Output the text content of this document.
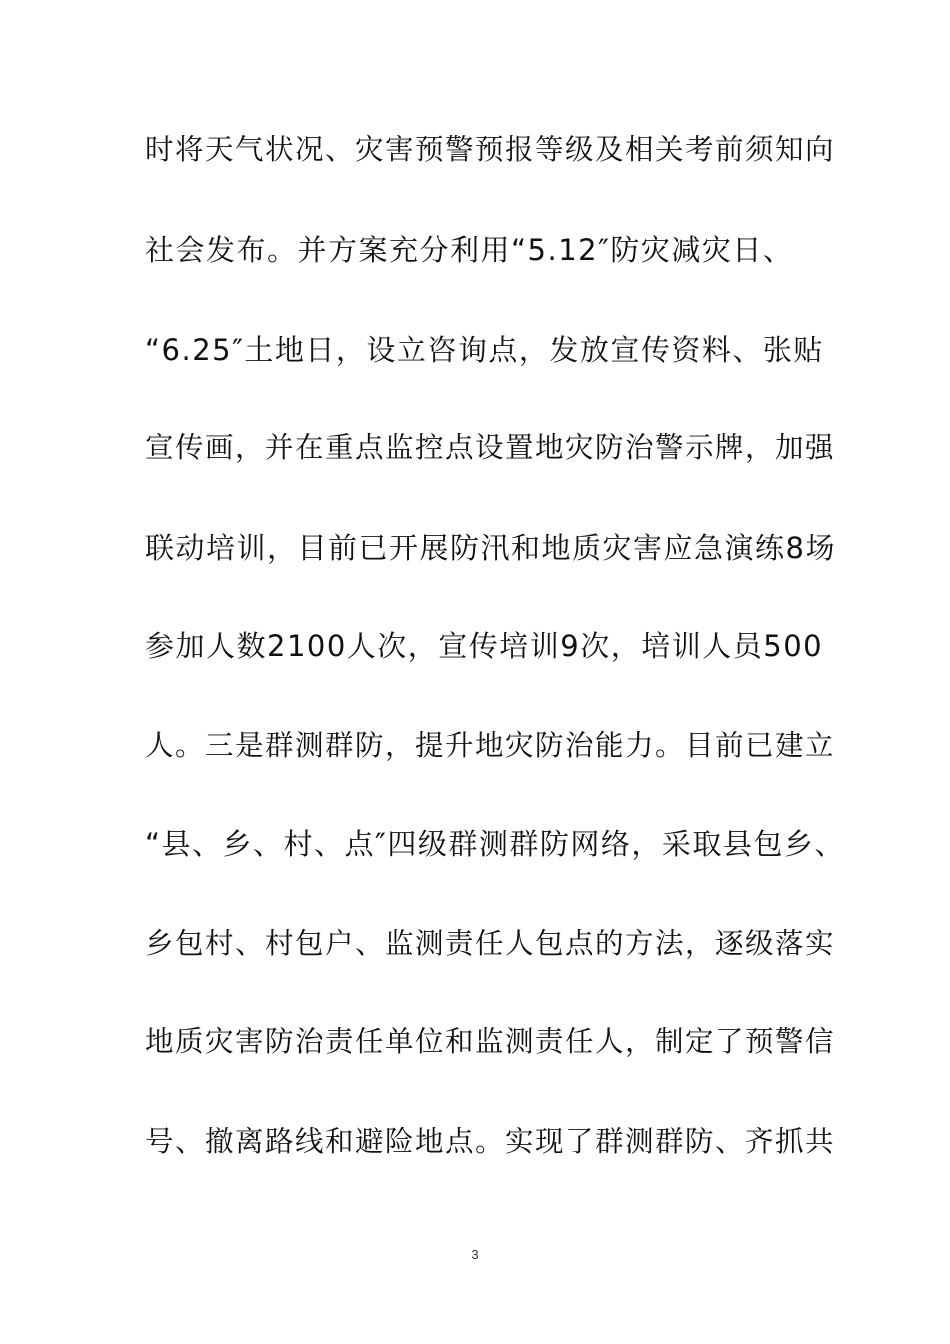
时将天气状况、灾害预警预报等级及相关考前须知向
社会发布。并方案充分利用“5.12″防灾减灾日、
“6.25″土地日，设立咨询点，发放宣传资料、张贴
宣传画，并在重点监控点设置地灾防治警示牌，加强
联动培训，目前已开展防汛和地质灾害应急演练8场
参加人数2100人次，宣传培训9次，培训人员500
人。三是群测群防，提升地灾防治能力。目前已建立
“县、乡、村、点″四级群测群防网络，采取县包乡、
乡包村、村包户、监测责任人包点的方法，逐级落实
地质灾害防治责任单位和监测责任人，制定了预警信
号、撤离路线和避险地点。实现了群测群防、齐抓共
3
